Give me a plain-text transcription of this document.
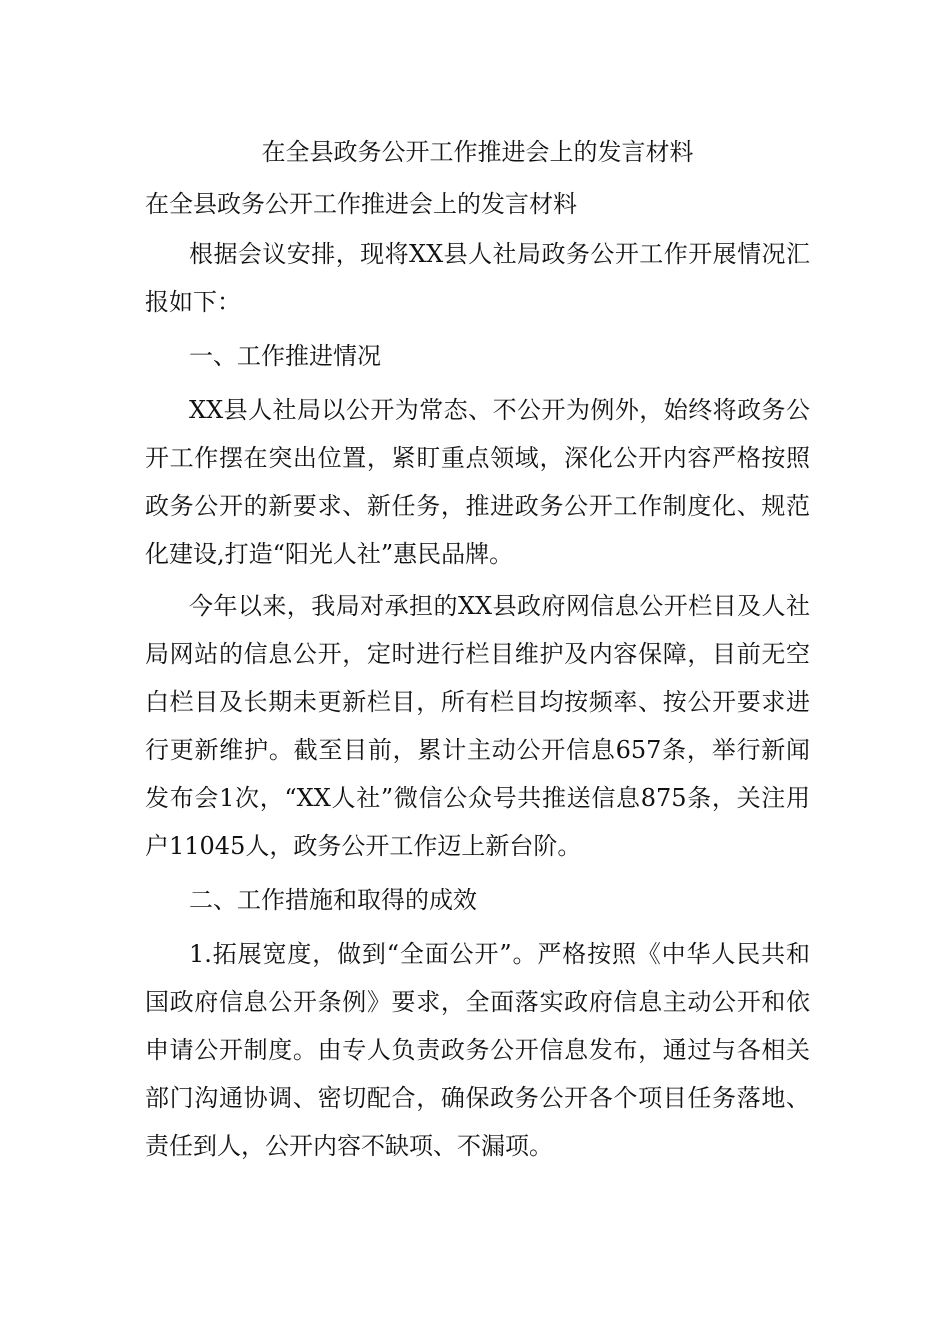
在全县政务公开工作推进会上的发言材料

在全县政务公开工作推进会上的发言材料

根据会议安排，现将XX县人社局政务公开工作开展情况汇报如下：

一、工作推进情况

XX县人社局以公开为常态、不公开为例外，始终将政务公开工作摆在突出位置，紧盯重点领域，深化公开内容严格按照政务公开的新要求、新任务，推进政务公开工作制度化、规范化建设,打造“阳光人社”惠民品牌。

今年以来，我局对承担的XX县政府网信息公开栏目及人社局网站的信息公开，定时进行栏目维护及内容保障，目前无空白栏目及长期未更新栏目，所有栏目均按频率、按公开要求进行更新维护。截至目前，累计主动公开信息657条，举行新闻发布会1次，“XX人社”微信公众号共推送信息875条，关注用户11045人，政务公开工作迈上新台阶。

二、工作措施和取得的成效

1.拓展宽度，做到“全面公开”。严格按照《中华人民共和国政府信息公开条例》要求，全面落实政府信息主动公开和依申请公开制度。由专人负责政务公开信息发布，通过与各相关部门沟通协调、密切配合，确保政务公开各个项目任务落地、责任到人，公开内容不缺项、不漏项。
